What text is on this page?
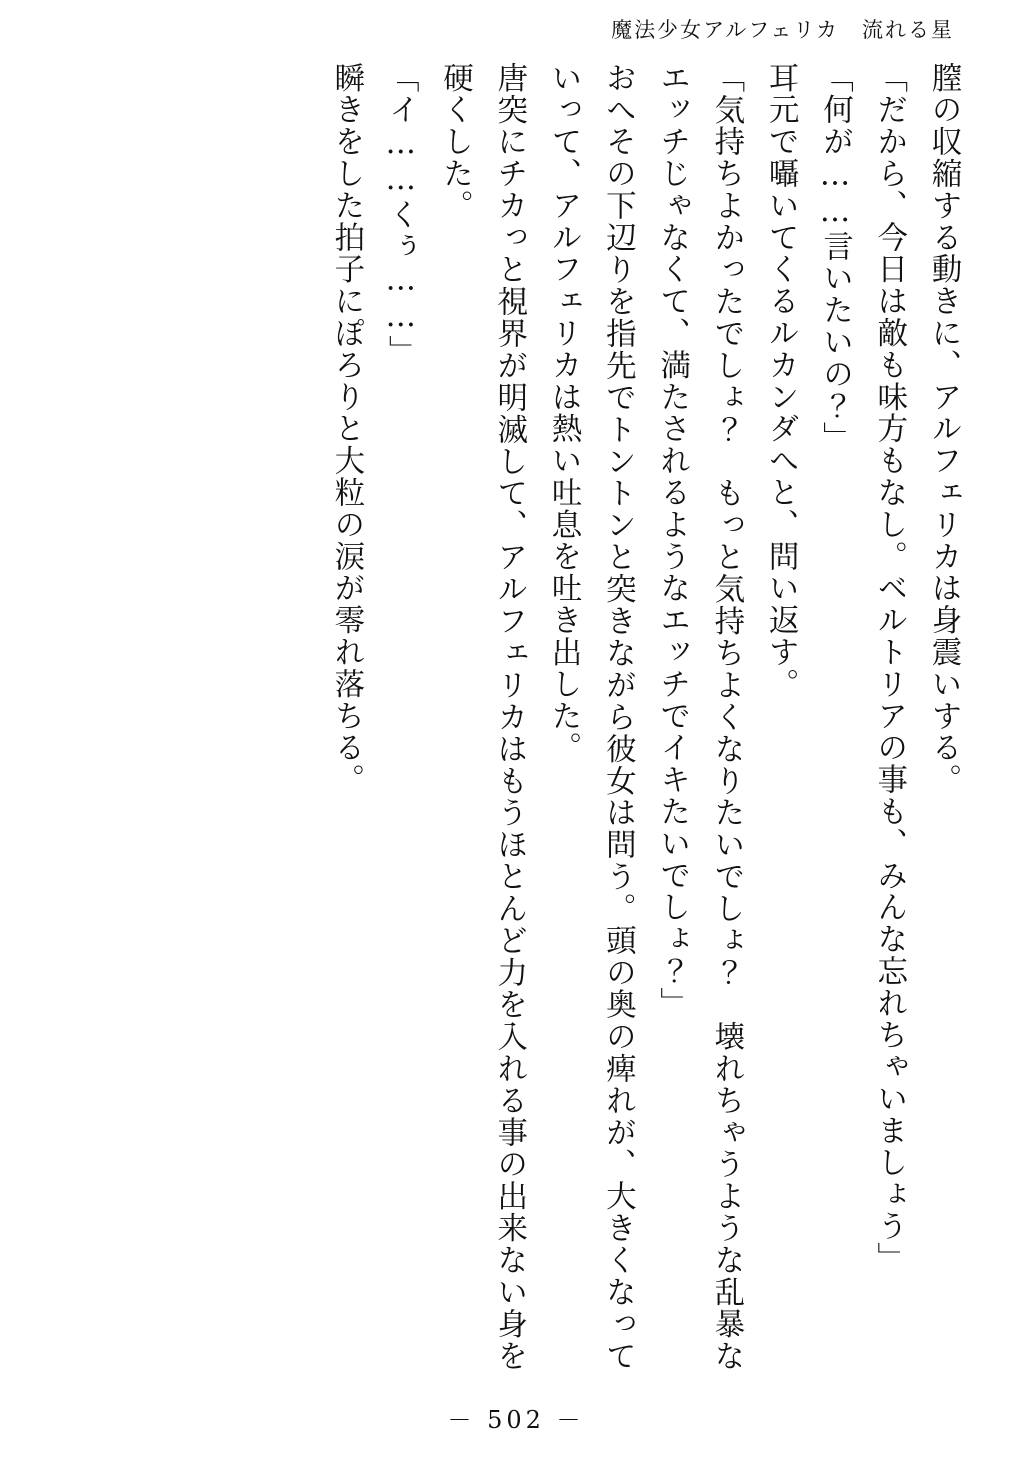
魔法少女アルフェリカ　流れる星

膣の収縮する動きに、アルフェリカは身震いする。

「だから、今日は敵も味方もなし。ベルトリアの事も、みんな忘れちゃいましょう」

「何が……言いたいの？」

耳元で囁いてくるルカンダへと、問い返す。

「気持ちよかったでしょ？　もっと気持ちよくなりたいでしょ？　壊れちゃうような乱暴なエッチじゃなくて、満たされるようなエッチでイキたいでしょ？」

おへその下辺りを指先でトントンと突きながら彼女は問う。頭の奥の痺れが、大きくなっていって、アルフェリカは熱い吐息を吐き出した。

唐突にチカっと視界が明滅して、アルフェリカはもうほとんど力を入れる事の出来ない身を硬くした。

「イ……くぅ……」

瞬きをした拍子にぽろりと大粒の涙が零れ落ちる。

－ 502 －
